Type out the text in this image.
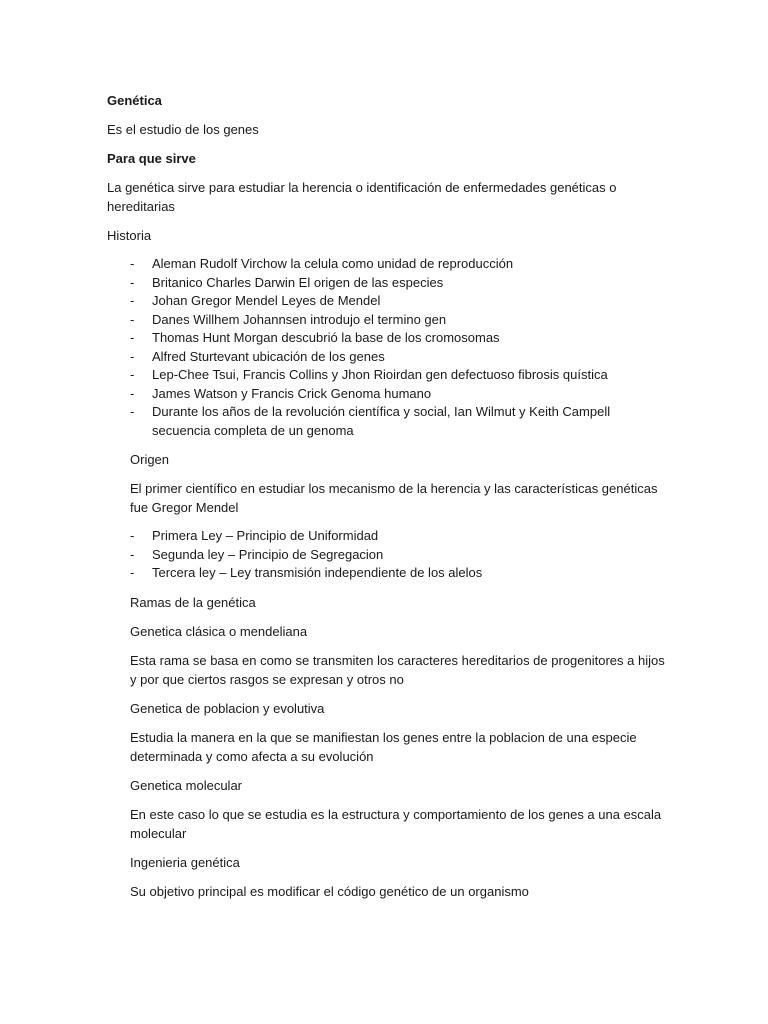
Genética

Es el estudio de los genes

Para que sirve

La genética sirve para estudiar la herencia o identificación de enfermedades genéticas o hereditarias

Historia

- Aleman Rudolf Virchow la celula como unidad de reproducción
- Britanico Charles Darwin El origen de las especies
- Johan Gregor Mendel Leyes de Mendel
- Danes Willhem Johannsen introdujo el termino gen
- Thomas Hunt Morgan descubrió la base de los cromosomas
- Alfred Sturtevant ubicación de los genes
- Lep-Chee Tsui, Francis Collins y Jhon Rioirdan gen defectuoso fibrosis quística
- James Watson y Francis Crick Genoma humano
- Durante los años de la revolución científica y social, Ian Wilmut y Keith Campell secuencia completa de un genoma

Origen

El primer científico en estudiar los mecanismo de la herencia y las características genéticas fue Gregor Mendel

- Primera Ley – Principio de Uniformidad
- Segunda ley – Principio de Segregacion
- Tercera ley – Ley transmisión independiente de los alelos

Ramas de la genética

Genetica clásica o mendeliana

Esta rama se basa en como se transmiten los caracteres hereditarios de progenitores a hijos y por que ciertos rasgos se expresan y otros no

Genetica de poblacion y evolutiva

Estudia la manera en la que se manifiestan los genes entre la poblacion de una especie determinada y como afecta a su evolución

Genetica molecular

En este caso lo que se estudia es la estructura y comportamiento de los genes a una escala molecular

Ingenieria genética

Su objetivo principal es modificar el código genético de un organismo
